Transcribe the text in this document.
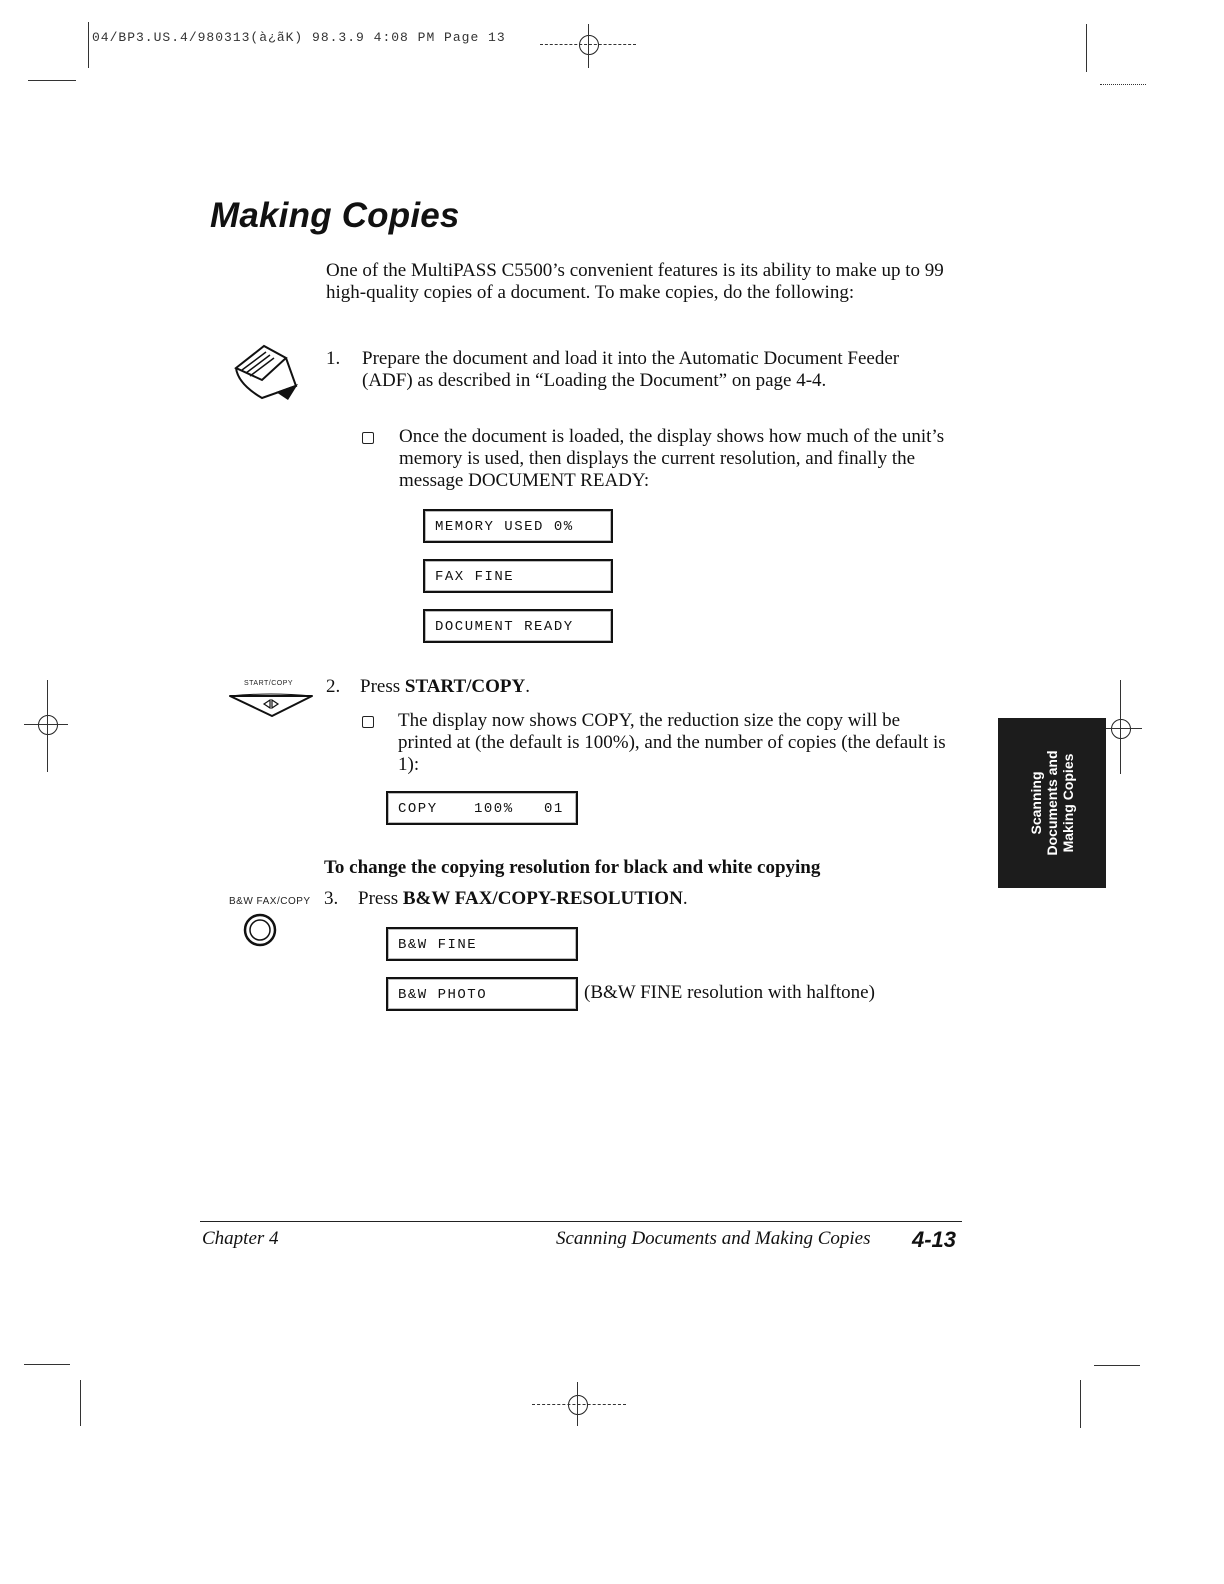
04/BP3.US.4/980313(à¿ãK) 98.3.9 4:08 PM Page 13
Making Copies
One of the MultiPASS C5500’s convenient features is its ability to make up to 99 high-quality copies of a document. To make copies, do the following:
1. Prepare the document and load it into the Automatic Document Feeder (ADF) as described in “Loading the Document” on page 4-4.
Once the document is loaded, the display shows how much of the unit’s memory is used, then displays the current resolution, and finally the message DOCUMENT READY:
MEMORY USED 0%
FAX FINE
DOCUMENT READY
START/COPY 2. Press START/COPY.
The display now shows COPY, the reduction size the copy will be printed at (the default is 100%), and the number of copies (the default is 1):
COPY	100%	01
To change the copying resolution for black and white copying
B&W FAX/COPY 3. Press B&W FAX/COPY-RESOLUTION.
B&W FINE
B&W PHOTO	(B&W FINE resolution with halftone)
Scanning Documents and Making Copies
Chapter 4	Scanning Documents and Making Copies 4-13
